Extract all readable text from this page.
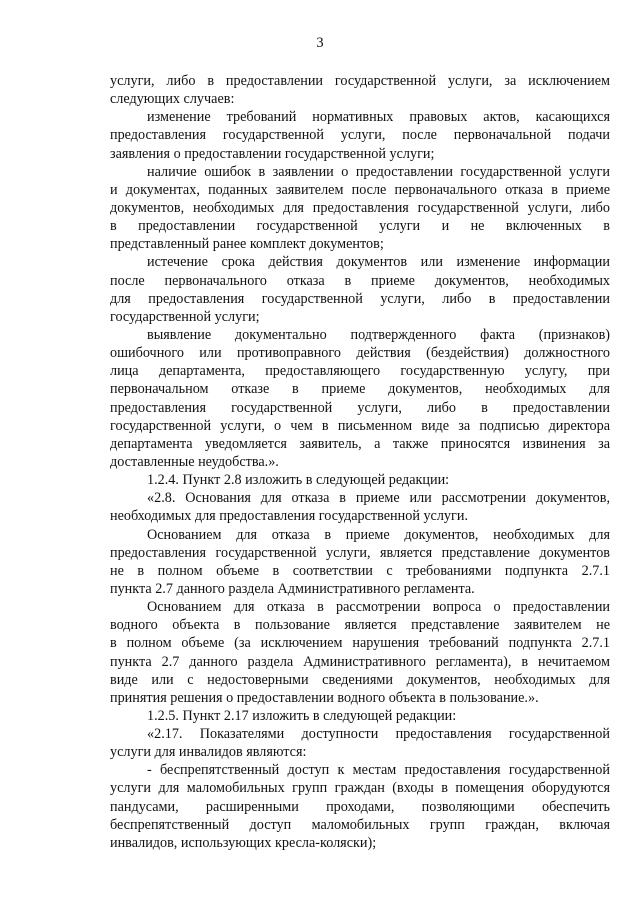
3
услуги, либо в предоставлении государственной услуги, за исключением
следующих случаев:
изменение требований нормативных правовых актов, касающихся
предоставления государственной услуги, после первоначальной подачи
заявления о предоставлении государственной услуги;
наличие ошибок в заявлении о предоставлении государственной услуги
и документах, поданных заявителем после первоначального отказа в приеме
документов, необходимых для предоставления государственной услуги, либо
в предоставлении государственной услуги и не включенных в
представленный ранее комплект документов;
истечение срока действия документов или изменение информации
после первоначального отказа в приеме документов, необходимых
для предоставления государственной услуги, либо в предоставлении
государственной услуги;
выявление документально подтвержденного факта (признаков)
ошибочного или противоправного действия (бездействия) должностного
лица департамента, предоставляющего государственную услугу, при
первоначальном отказе в приеме документов, необходимых для
предоставления государственной услуги, либо в предоставлении
государственной услуги, о чем в письменном виде за подписью директора
департамента уведомляется заявитель, а также приносятся извинения за
доставленные неудобства.».
1.2.4. Пункт 2.8 изложить в следующей редакции:
«2.8. Основания для отказа в приеме или рассмотрении документов,
необходимых для предоставления государственной услуги.
Основанием для отказа в приеме документов, необходимых для
предоставления государственной услуги, является представление документов
не в полном объеме в соответствии с требованиями подпункта 2.7.1
пункта 2.7 данного раздела Административного регламента.
Основанием для отказа в рассмотрении вопроса о предоставлении
водного объекта в пользование является представление заявителем не
в полном объеме (за исключением нарушения требований подпункта 2.7.1
пункта 2.7 данного раздела Административного регламента), в нечитаемом
виде или с недостоверными сведениями документов, необходимых для
принятия решения о предоставлении водного объекта в пользование.».
1.2.5. Пункт 2.17 изложить в следующей редакции:
«2.17. Показателями доступности предоставления государственной
услуги для инвалидов являются:
- беспрепятственный доступ к местам предоставления государственной
услуги для маломобильных групп граждан (входы в помещения оборудуются
пандусами, расширенными проходами, позволяющими обеспечить
беспрепятственный доступ маломобильных групп граждан, включая
инвалидов, использующих кресла-коляски);
